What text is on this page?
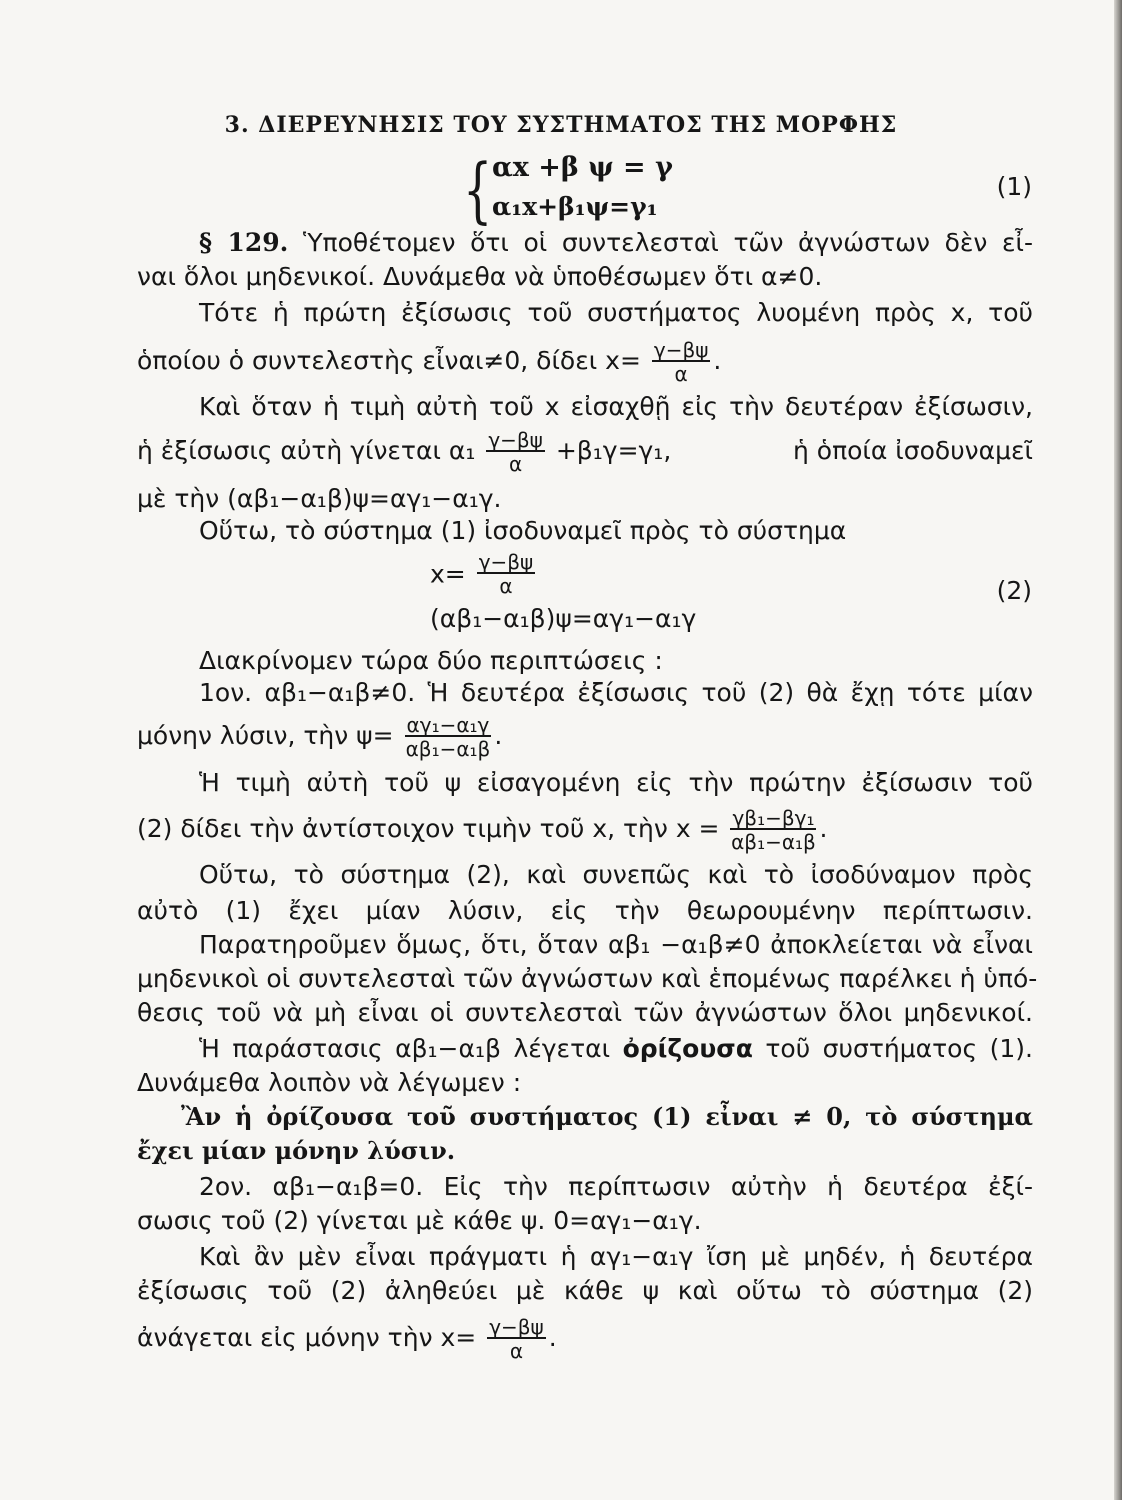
3. ΔΙΕΡΕΥΝΗΣΙΣ ΤΟΥ ΣΥΣΤΗΜΑΤΟΣ ΤΗΣ ΜΟΡΦΗΣ
{ αx +β ψ = γ
α₁x+β₁ψ=γ₁
(1)
§ 129. Ὑποθέτομεν ὅτι οἱ συντελεσταὶ τῶν ἀγνώστων δὲν εἶ-
ναι ὅλοι μηδενικοί. Δυνάμεθα νὰ ὑποθέσωμεν ὅτι α≠0.
Τότε ἡ πρώτη ἐξίσωσις τοῦ συστήματος λυομένη πρὸς x, τοῦ
ὁποίου ὁ συντελεστὴς εἶναι≠0, δίδει $x= \frac{\gamma-\beta\psi}{\alpha}$ .
Καὶ ὅταν ἡ τιμὴ αὐτὴ τοῦ x εἰσαχθῇ εἰς τὴν δευτέραν ἐξίσωσιν,
ἡ ἐξίσωσις αὐτὴ γίνεται $\alpha_1 \frac{\gamma-\beta\psi}{\alpha} +\beta_1\gamma=\gamma_1$,	ἡ ὁποία ἰσοδυναμεῖ
μὲ τὴν (αβ₁−α₁β)ψ=αγ₁−α₁γ.
Οὕτω, τὸ σύστημα (1) ἰσοδυναμεῖ πρὸς τὸ σύστημα
$x= \frac{\gamma-\beta\psi}{\alpha}$
(αβ₁−α₁β)ψ=αγ₁−α₁γ
(2)
Διακρίνομεν τώρα δύο περιπτώσεις :
1ον. αβ₁−α₁β≠0. Ἡ δευτέρα ἐξίσωσις τοῦ (2) θὰ ἔχῃ τότε μίαν
μόνην λύσιν, τὴν $\psi= \frac{\text{αγ₁−α₁γ}}{\text{αβ₁−α₁β}}$ .
Ἡ τιμὴ αὐτὴ τοῦ ψ εἰσαγομένη εἰς τὴν πρώτην ἐξίσωσιν τοῦ
(2) δίδει τὴν ἀντίστοιχον τιμὴν τοῦ x, τὴν $x = \frac{\text{γβ₁−βγ₁}}{\text{αβ₁−α₁β}}$ .
Οὕτω, τὸ σύστημα (2), καὶ συνεπῶς καὶ τὸ ἰσοδύναμον πρὸς
αὐτὸ (1) ἔχει μίαν λύσιν, εἰς τὴν θεωρουμένην περίπτωσιν.
Παρατηροῦμεν ὅμως, ὅτι, ὅταν αβ₁ −α₁β≠0 ἀποκλείεται νὰ εἶναι
μηδενικοὶ οἱ συντελεσταὶ τῶν ἀγνώστων καὶ ἑπομένως παρέλκει ἡ ὑπό-
θεσις τοῦ νὰ μὴ εἶναι οἱ συντελεσταὶ τῶν ἀγνώστων ὅλοι μηδενικοί.
Ἡ παράστασις αβ₁−α₁β λέγεται ὀρίζουσα τοῦ συστήματος (1).
Δυνάμεθα λοιπὸν νὰ λέγωμεν :
Ἂν ἡ ὀρίζουσα τοῦ συστήματος (1) εἶναι ≠ 0, τὸ σύστημα
ἔχει μίαν μόνην λύσιν.
2ον. αβ₁−α₁β=0. Εἰς τὴν περίπτωσιν αὐτὴν ἡ δευτέρα ἐξί-
σωσις τοῦ (2) γίνεται μὲ κάθε ψ. 0=αγ₁−α₁γ.
Καὶ ἂν μὲν εἶναι πράγματι ἡ αγ₁−α₁γ ἴση μὲ μηδέν, ἡ δευτέρα
ἐξίσωσις τοῦ (2) ἀληθεύει μὲ κάθε ψ καὶ οὕτω τὸ σύστημα (2)
ἀνάγεται εἰς μόνην τὴν $x= \frac{\gamma-\beta\psi}{\alpha}$ .
